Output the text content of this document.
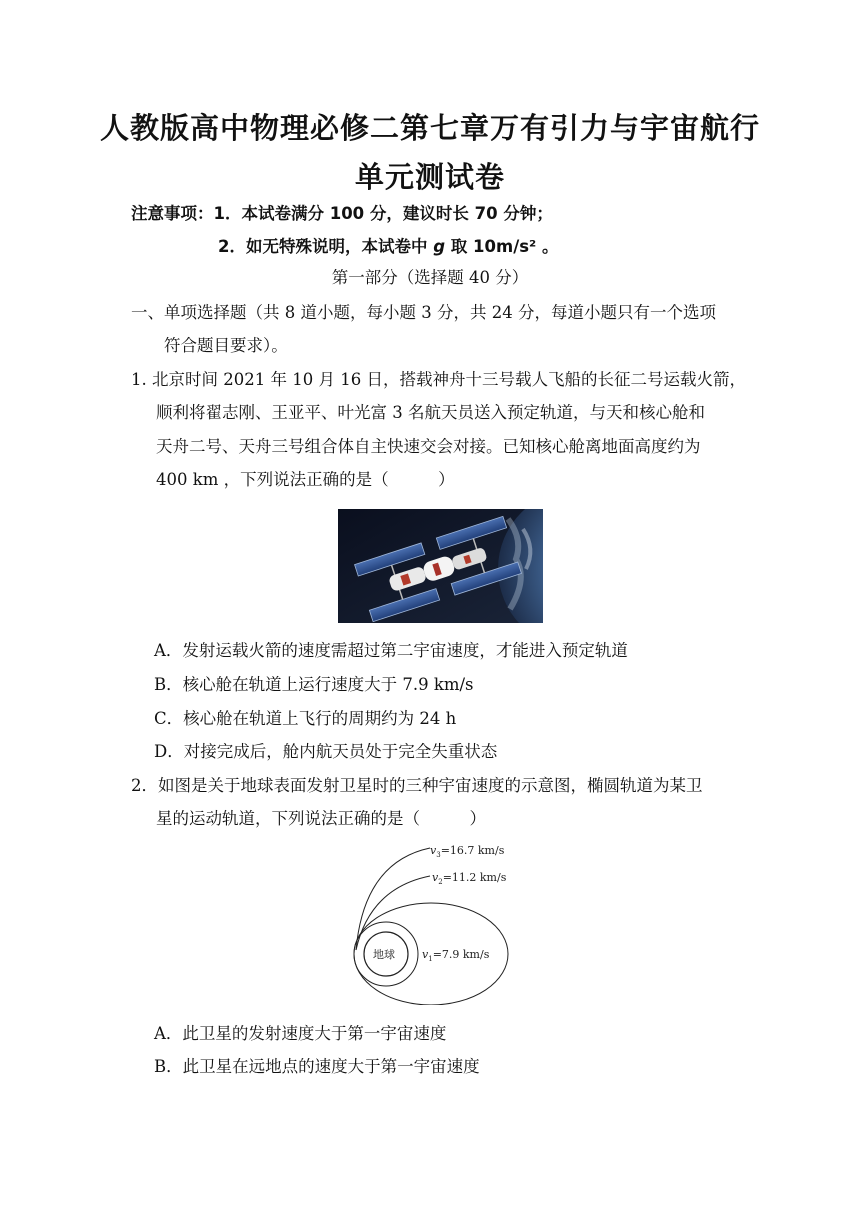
人教版高中物理必修二第七章万有引力与宇宙航行
单元测试卷
注意事项：1．本试卷满分 100 分，建议时长 70 分钟；
2．如无特殊说明，本试卷中 g 取 10m/s² 。
第一部分（选择题 40 分）
一、单项选择题（共 8 道小题，每小题 3 分，共 24 分，每道小题只有一个选项
符合题目要求）。
1. 北京时间 2021 年 10 月 16 日，搭载神舟十三号载人飞船的长征二号运载火箭，
顺利将翟志刚、王亚平、叶光富 3 名航天员送入预定轨道，与天和核心舱和
天舟二号、天舟三号组合体自主快速交会对接。已知核心舱离地面高度约为
400 km ，下列说法正确的是（　　　）
A．发射运载火箭的速度需超过第二宇宙速度，才能进入预定轨道
B．核心舱在轨道上运行速度大于 7.9 km/s
C．核心舱在轨道上飞行的周期约为 24 h
D．对接完成后，舱内航天员处于完全失重状态
2．如图是关于地球表面发射卫星时的三种宇宙速度的示意图，椭圆轨道为某卫
星的运动轨道，下列说法正确的是（　　　）
地球
$v_3=16.7$ km/s
$v_2=11.2$ km/s
$v_1=7.9$ km/s
A．此卫星的发射速度大于第一宇宙速度
B．此卫星在远地点的速度大于第一宇宙速度
